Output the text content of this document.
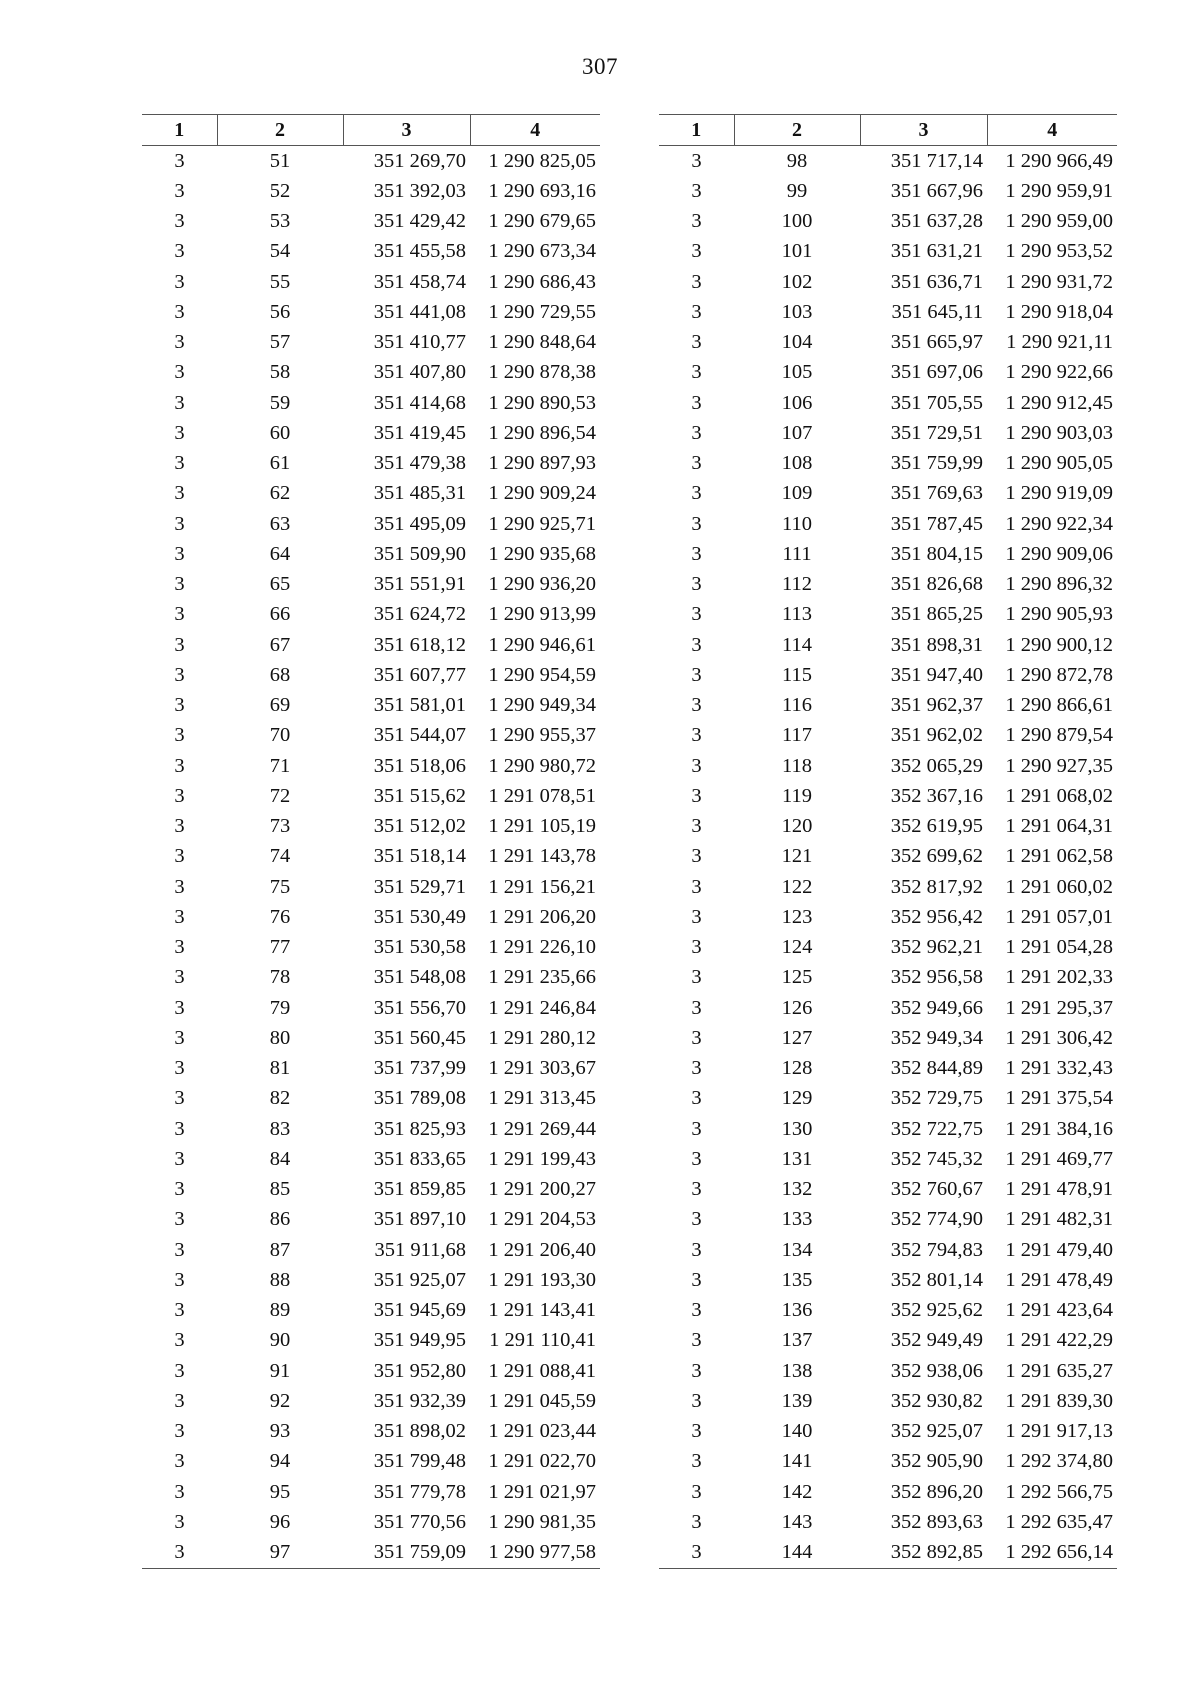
307
1	2	3	4
3	51	351 269,70	1 290 825,05
3	52	351 392,03	1 290 693,16
3	53	351 429,42	1 290 679,65
3	54	351 455,58	1 290 673,34
3	55	351 458,74	1 290 686,43
3	56	351 441,08	1 290 729,55
3	57	351 410,77	1 290 848,64
3	58	351 407,80	1 290 878,38
3	59	351 414,68	1 290 890,53
3	60	351 419,45	1 290 896,54
3	61	351 479,38	1 290 897,93
3	62	351 485,31	1 290 909,24
3	63	351 495,09	1 290 925,71
3	64	351 509,90	1 290 935,68
3	65	351 551,91	1 290 936,20
3	66	351 624,72	1 290 913,99
3	67	351 618,12	1 290 946,61
3	68	351 607,77	1 290 954,59
3	69	351 581,01	1 290 949,34
3	70	351 544,07	1 290 955,37
3	71	351 518,06	1 290 980,72
3	72	351 515,62	1 291 078,51
3	73	351 512,02	1 291 105,19
3	74	351 518,14	1 291 143,78
3	75	351 529,71	1 291 156,21
3	76	351 530,49	1 291 206,20
3	77	351 530,58	1 291 226,10
3	78	351 548,08	1 291 235,66
3	79	351 556,70	1 291 246,84
3	80	351 560,45	1 291 280,12
3	81	351 737,99	1 291 303,67
3	82	351 789,08	1 291 313,45
3	83	351 825,93	1 291 269,44
3	84	351 833,65	1 291 199,43
3	85	351 859,85	1 291 200,27
3	86	351 897,10	1 291 204,53
3	87	351 911,68	1 291 206,40
3	88	351 925,07	1 291 193,30
3	89	351 945,69	1 291 143,41
3	90	351 949,95	1 291 110,41
3	91	351 952,80	1 291 088,41
3	92	351 932,39	1 291 045,59
3	93	351 898,02	1 291 023,44
3	94	351 799,48	1 291 022,70
3	95	351 779,78	1 291 021,97
3	96	351 770,56	1 290 981,35
3	97	351 759,09	1 290 977,58
1	2	3	4
3	98	351 717,14	1 290 966,49
3	99	351 667,96	1 290 959,91
3	100	351 637,28	1 290 959,00
3	101	351 631,21	1 290 953,52
3	102	351 636,71	1 290 931,72
3	103	351 645,11	1 290 918,04
3	104	351 665,97	1 290 921,11
3	105	351 697,06	1 290 922,66
3	106	351 705,55	1 290 912,45
3	107	351 729,51	1 290 903,03
3	108	351 759,99	1 290 905,05
3	109	351 769,63	1 290 919,09
3	110	351 787,45	1 290 922,34
3	111	351 804,15	1 290 909,06
3	112	351 826,68	1 290 896,32
3	113	351 865,25	1 290 905,93
3	114	351 898,31	1 290 900,12
3	115	351 947,40	1 290 872,78
3	116	351 962,37	1 290 866,61
3	117	351 962,02	1 290 879,54
3	118	352 065,29	1 290 927,35
3	119	352 367,16	1 291 068,02
3	120	352 619,95	1 291 064,31
3	121	352 699,62	1 291 062,58
3	122	352 817,92	1 291 060,02
3	123	352 956,42	1 291 057,01
3	124	352 962,21	1 291 054,28
3	125	352 956,58	1 291 202,33
3	126	352 949,66	1 291 295,37
3	127	352 949,34	1 291 306,42
3	128	352 844,89	1 291 332,43
3	129	352 729,75	1 291 375,54
3	130	352 722,75	1 291 384,16
3	131	352 745,32	1 291 469,77
3	132	352 760,67	1 291 478,91
3	133	352 774,90	1 291 482,31
3	134	352 794,83	1 291 479,40
3	135	352 801,14	1 291 478,49
3	136	352 925,62	1 291 423,64
3	137	352 949,49	1 291 422,29
3	138	352 938,06	1 291 635,27
3	139	352 930,82	1 291 839,30
3	140	352 925,07	1 291 917,13
3	141	352 905,90	1 292 374,80
3	142	352 896,20	1 292 566,75
3	143	352 893,63	1 292 635,47
3	144	352 892,85	1 292 656,14
